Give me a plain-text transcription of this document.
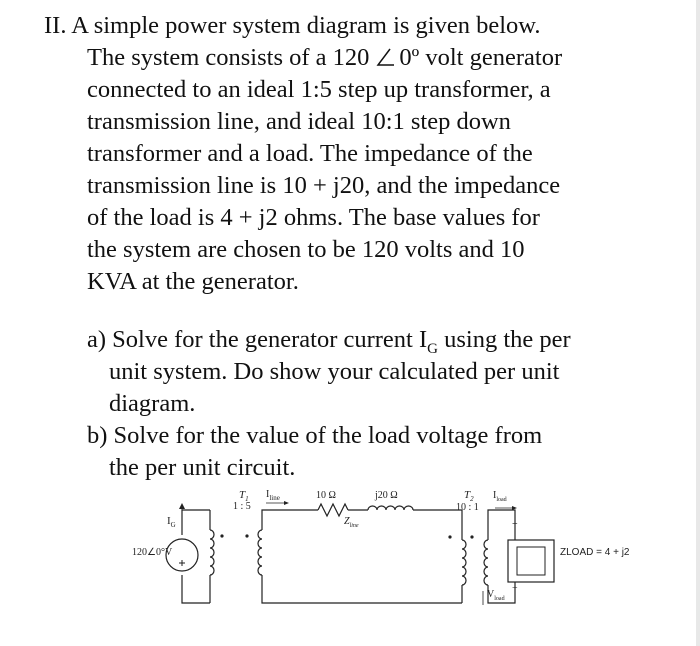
II. A simple power system diagram is given below.
The system consists of a 120 0º volt generator
connected to an ideal 1:5 step up transformer, a
transmission line, and ideal 10:1 step down
transformer and a load. The impedance of the
transmission line is 10 + j20, and the impedance
of the load is 4 + j2 ohms. The base values for
the system are chosen to be 120 volts and 10
KVA at the generator.
a) Solve for the generator current $I_G$ using the per
unit system. Do show your calculated per unit
diagram.
b) Solve for the value of the load voltage from
the per unit circuit.
$T_1$
1 : 5
$I_{line}$	10 Ω	j20 Ω
$Z_{line}$
$T_2$
10 : 1
$I_{load}$
$I_G$
120∠0°V
$V_{load}$
+
−
ZLOAD = 4 + j2
